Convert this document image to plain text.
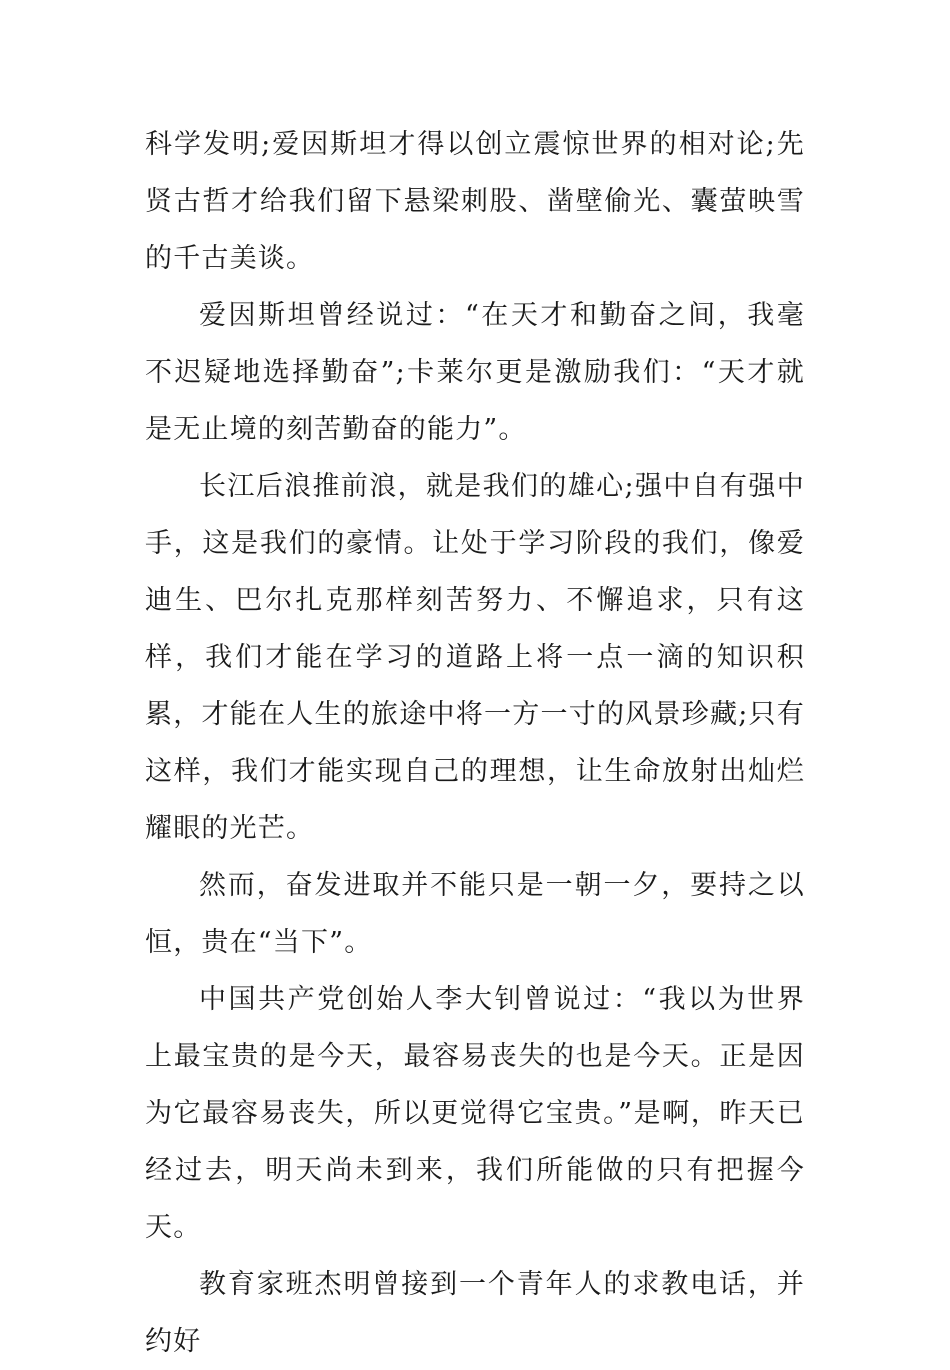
科学发明;爱因斯坦才得以创立震惊世界的相对论;先贤古哲才给我们留下悬梁刺股、凿壁偷光、囊萤映雪的千古美谈。

爱因斯坦曾经说过：“在天才和勤奋之间，我毫不迟疑地选择勤奋”;卡莱尔更是激励我们：“天才就是无止境的刻苦勤奋的能力”。

长江后浪推前浪，就是我们的雄心;强中自有强中手，这是我们的豪情。让处于学习阶段的我们，像爱迪生、巴尔扎克那样刻苦努力、不懈追求，只有这样，我们才能在学习的道路上将一点一滴的知识积累，才能在人生的旅途中将一方一寸的风景珍藏;只有这样，我们才能实现自己的理想，让生命放射出灿烂耀眼的光芒。

然而，奋发进取并不能只是一朝一夕，要持之以恒，贵在“当下”。

中国共产党创始人李大钊曾说过：“我以为世界上最宝贵的是今天，最容易丧失的也是今天。正是因为它最容易丧失，所以更觉得它宝贵。”是啊，昨天已经过去，明天尚未到来，我们所能做的只有把握今天。

教育家班杰明曾接到一个青年人的求教电话，并约好
